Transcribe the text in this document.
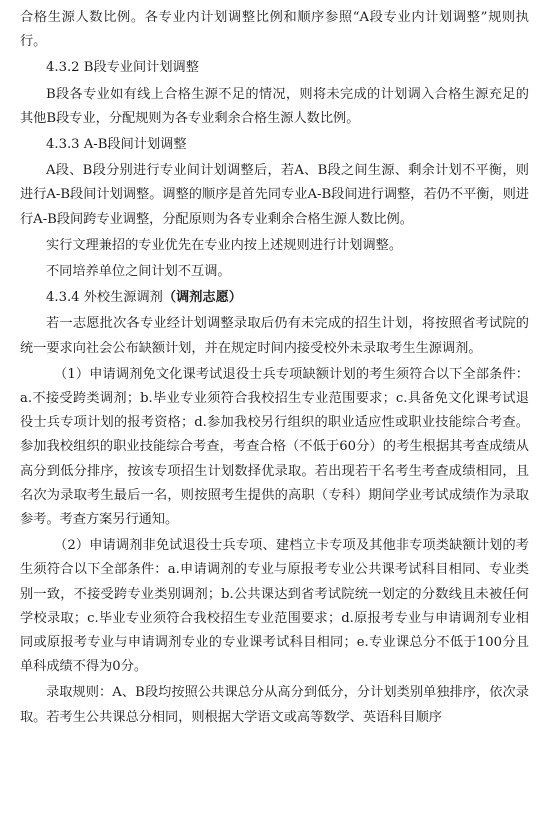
合格生源人数比例。各专业内计划调整比例和顺序参照“A段专业内计划调整”规则执行。

4.3.2 B段专业间计划调整

B段各专业如有线上合格生源不足的情况，则将未完成的计划调入合格生源充足的其他B段专业，分配规则为各专业剩余合格生源人数比例。

4.3.3 A-B段间计划调整

A段、B段分别进行专业间计划调整后，若A、B段之间生源、剩余计划不平衡，则进行A-B段间计划调整。调整的顺序是首先同专业A-B段间进行调整，若仍不平衡，则进行A-B段间跨专业调整，分配原则为各专业剩余合格生源人数比例。

实行文理兼招的专业优先在专业内按上述规则进行计划调整。

不同培养单位之间计划不互调。

4.3.4 外校生源调剂（调剂志愿）

若一志愿批次各专业经计划调整录取后仍有未完成的招生计划，将按照省考试院的统一要求向社会公布缺额计划，并在规定时间内接受校外未录取考生生源调剂。

（1）申请调剂免文化课考试退役士兵专项缺额计划的考生须符合以下全部条件：a.不接受跨类调剂；b.毕业专业须符合我校招生专业范围要求；c.具备免文化课考试退役士兵专项计划的报考资格；d.参加我校另行组织的职业适应性或职业技能综合考查。参加我校组织的职业技能综合考查，考查合格（不低于60分）的考生根据其考查成绩从高分到低分排序，按该专项招生计划数择优录取。若出现若干名考生考查成绩相同，且名次为录取考生最后一名，则按照考生提供的高职（专科）期间学业考试成绩作为录取参考。考查方案另行通知。

（2）申请调剂非免试退役士兵专项、建档立卡专项及其他非专项类缺额计划的考生须符合以下全部条件：a.申请调剂的专业与原报考专业公共课考试科目相同、专业类别一致，不接受跨专业类别调剂；b.公共课达到省考试院统一划定的分数线且未被任何学校录取；c.毕业专业须符合我校招生专业范围要求；d.原报考专业与申请调剂专业相同或原报考专业与申请调剂专业的专业课考试科目相同；e.专业课总分不低于100分且单科成绩不得为0分。

录取规则：A、B段均按照公共课总分从高分到低分，分计划类别单独排序，依次录取。若考生公共课总分相同，则根据大学语文或高等数学、英语科目顺序
